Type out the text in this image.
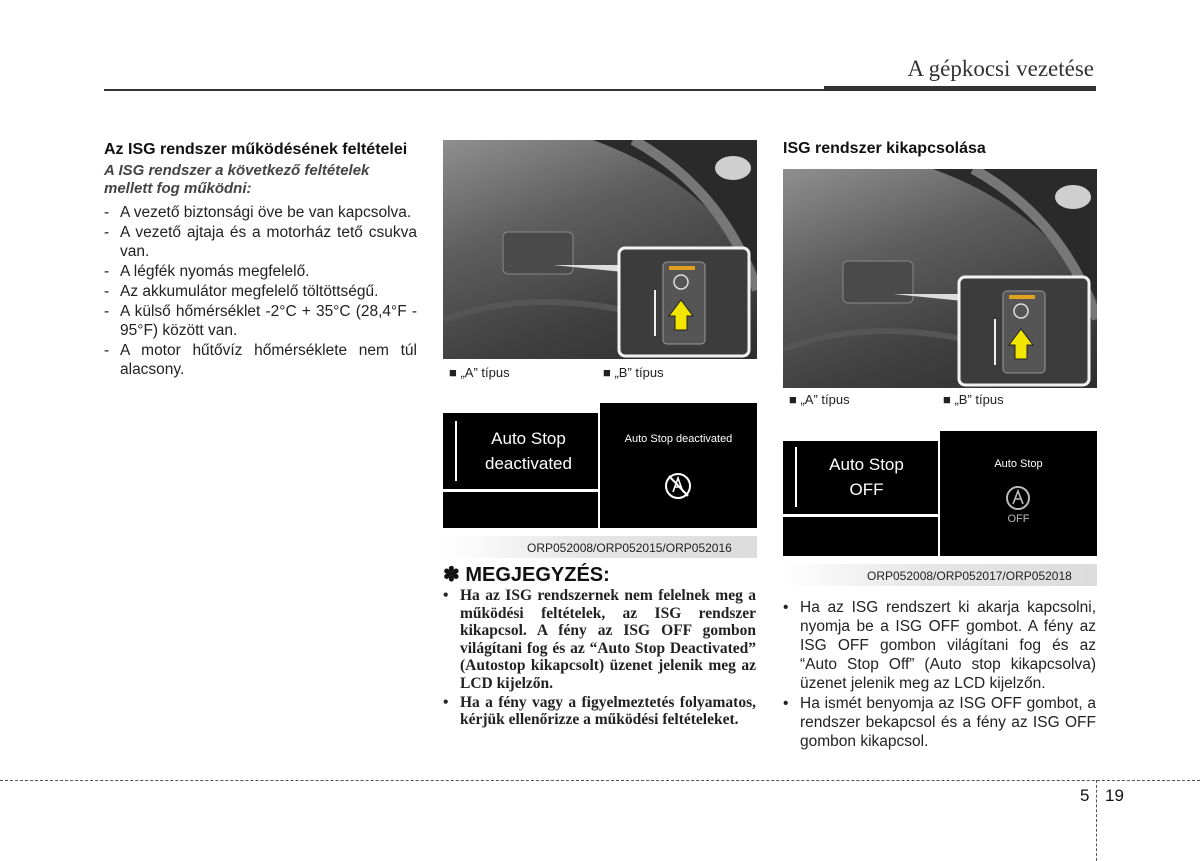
A gépkocsi vezetése
Az ISG rendszer működésének feltételei
A ISG rendszer a következő feltételek mellett fog működni:
- A vezető biztonsági öve be van kapcsolva.
- A vezető ajtaja és a motorház tető csukva van.
- A légfék nyomás megfelelő.
- Az akkumulátor megfelelő töltöttségű.
- A külső hőmérséklet -2°C + 35°C (28,4°F - 95°F) között van.
- A motor hűtővíz hőmérséklete nem túl alacsony.	■ „A” típus	■ „B” típus
Auto Stop
deactivated
Auto Stop deactivated
ORP052008/ORP052015/ORP052016
✽ MEGJEGYZÉS:
• Ha az ISG rendszernek nem felelnek meg a működési feltételek, az ISG rendszer kikapcsol. A fény az ISG OFF gombon világítani fog és az “Auto Stop Deactivated” (Autostop kikapcsolt) üzenet jelenik meg az LCD kijelzőn.
• Ha a fény vagy a figyelmeztetés folyamatos, kérjük ellenőrizze a működési feltételeket.
ISG rendszer kikapcsolása
■ „A” típus	■ „B” típus
Auto Stop
OFF
Auto Stop
OFF
ORP052008/ORP052017/ORP052018
• Ha az ISG rendszert ki akarja kapcsolni, nyomja be a ISG OFF gombot. A fény az ISG OFF gombon világítani fog és az “Auto Stop Off” (Auto stop kikapcsolva) üzenet jelenik meg az LCD kijelzőn.
• Ha ismét benyomja az ISG OFF gombot, a rendszer bekapcsol és a fény az ISG OFF gombon kikapcsol.
5 19
